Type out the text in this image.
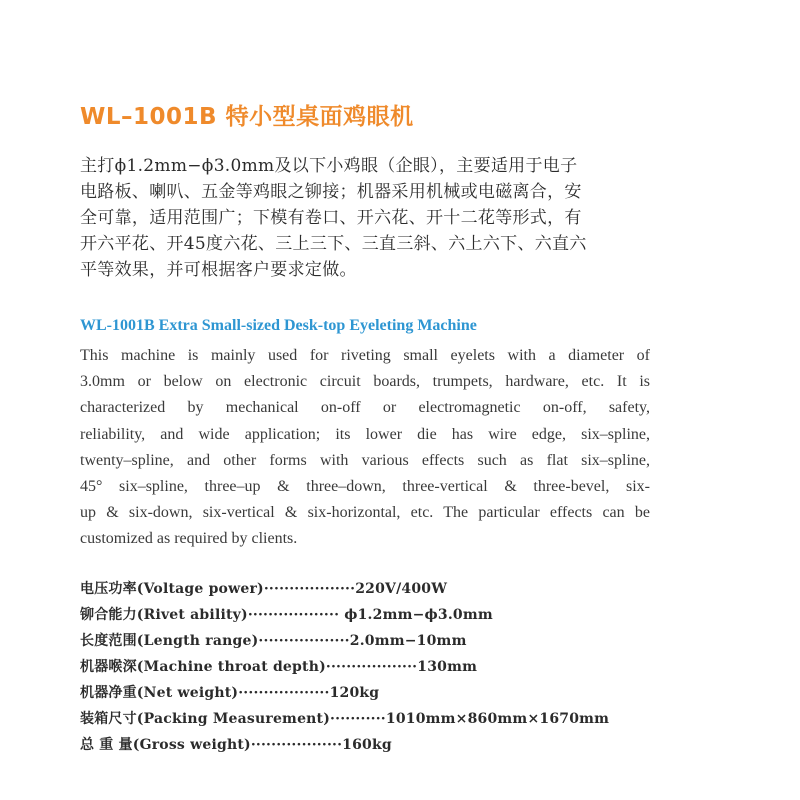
WL–1001B 特小型桌面鸡眼机
主打ϕ1.2mm−ϕ3.0mm及以下小鸡眼（企眼），主要适用于电子
电路板、喇叭、五金等鸡眼之铆接；机器采用机械或电磁离合，安
全可靠，适用范围广；下模有卷口、开六花、开十二花等形式，有
开六平花、开45度六花、三上三下、三直三斜、六上六下、六直六
平等效果，并可根据客户要求定做。
WL-1001B Extra Small-sized Desk-top Eyeleting Machine
This machine is mainly used for riveting small eyelets with a diameter of
3.0mm or below on electronic circuit boards, trumpets, hardware, etc. It is
characterized by mechanical on-off or electromagnetic on-off, safety,
reliability, and wide application; its lower die has wire edge, six–spline,
twenty–spline, and other forms with various effects such as flat six–spline,
45° six–spline, three–up & three–down, three-vertical & three-bevel, six-
up & six-down, six-vertical & six-horizontal, etc. The particular effects can be
customized as required by clients.
电压功率(Voltage power)··················220V/400W
铆合能力(Rivet ability)·················· ϕ1.2mm−ϕ3.0mm
长度范围(Length range)··················2.0mm−10mm
机器喉深(Machine throat depth)··················130mm
机器净重(Net weight)··················120kg
装箱尺寸(Packing Measurement)···········1010mm×860mm×1670mm
总 重 量(Gross weight)··················160kg
